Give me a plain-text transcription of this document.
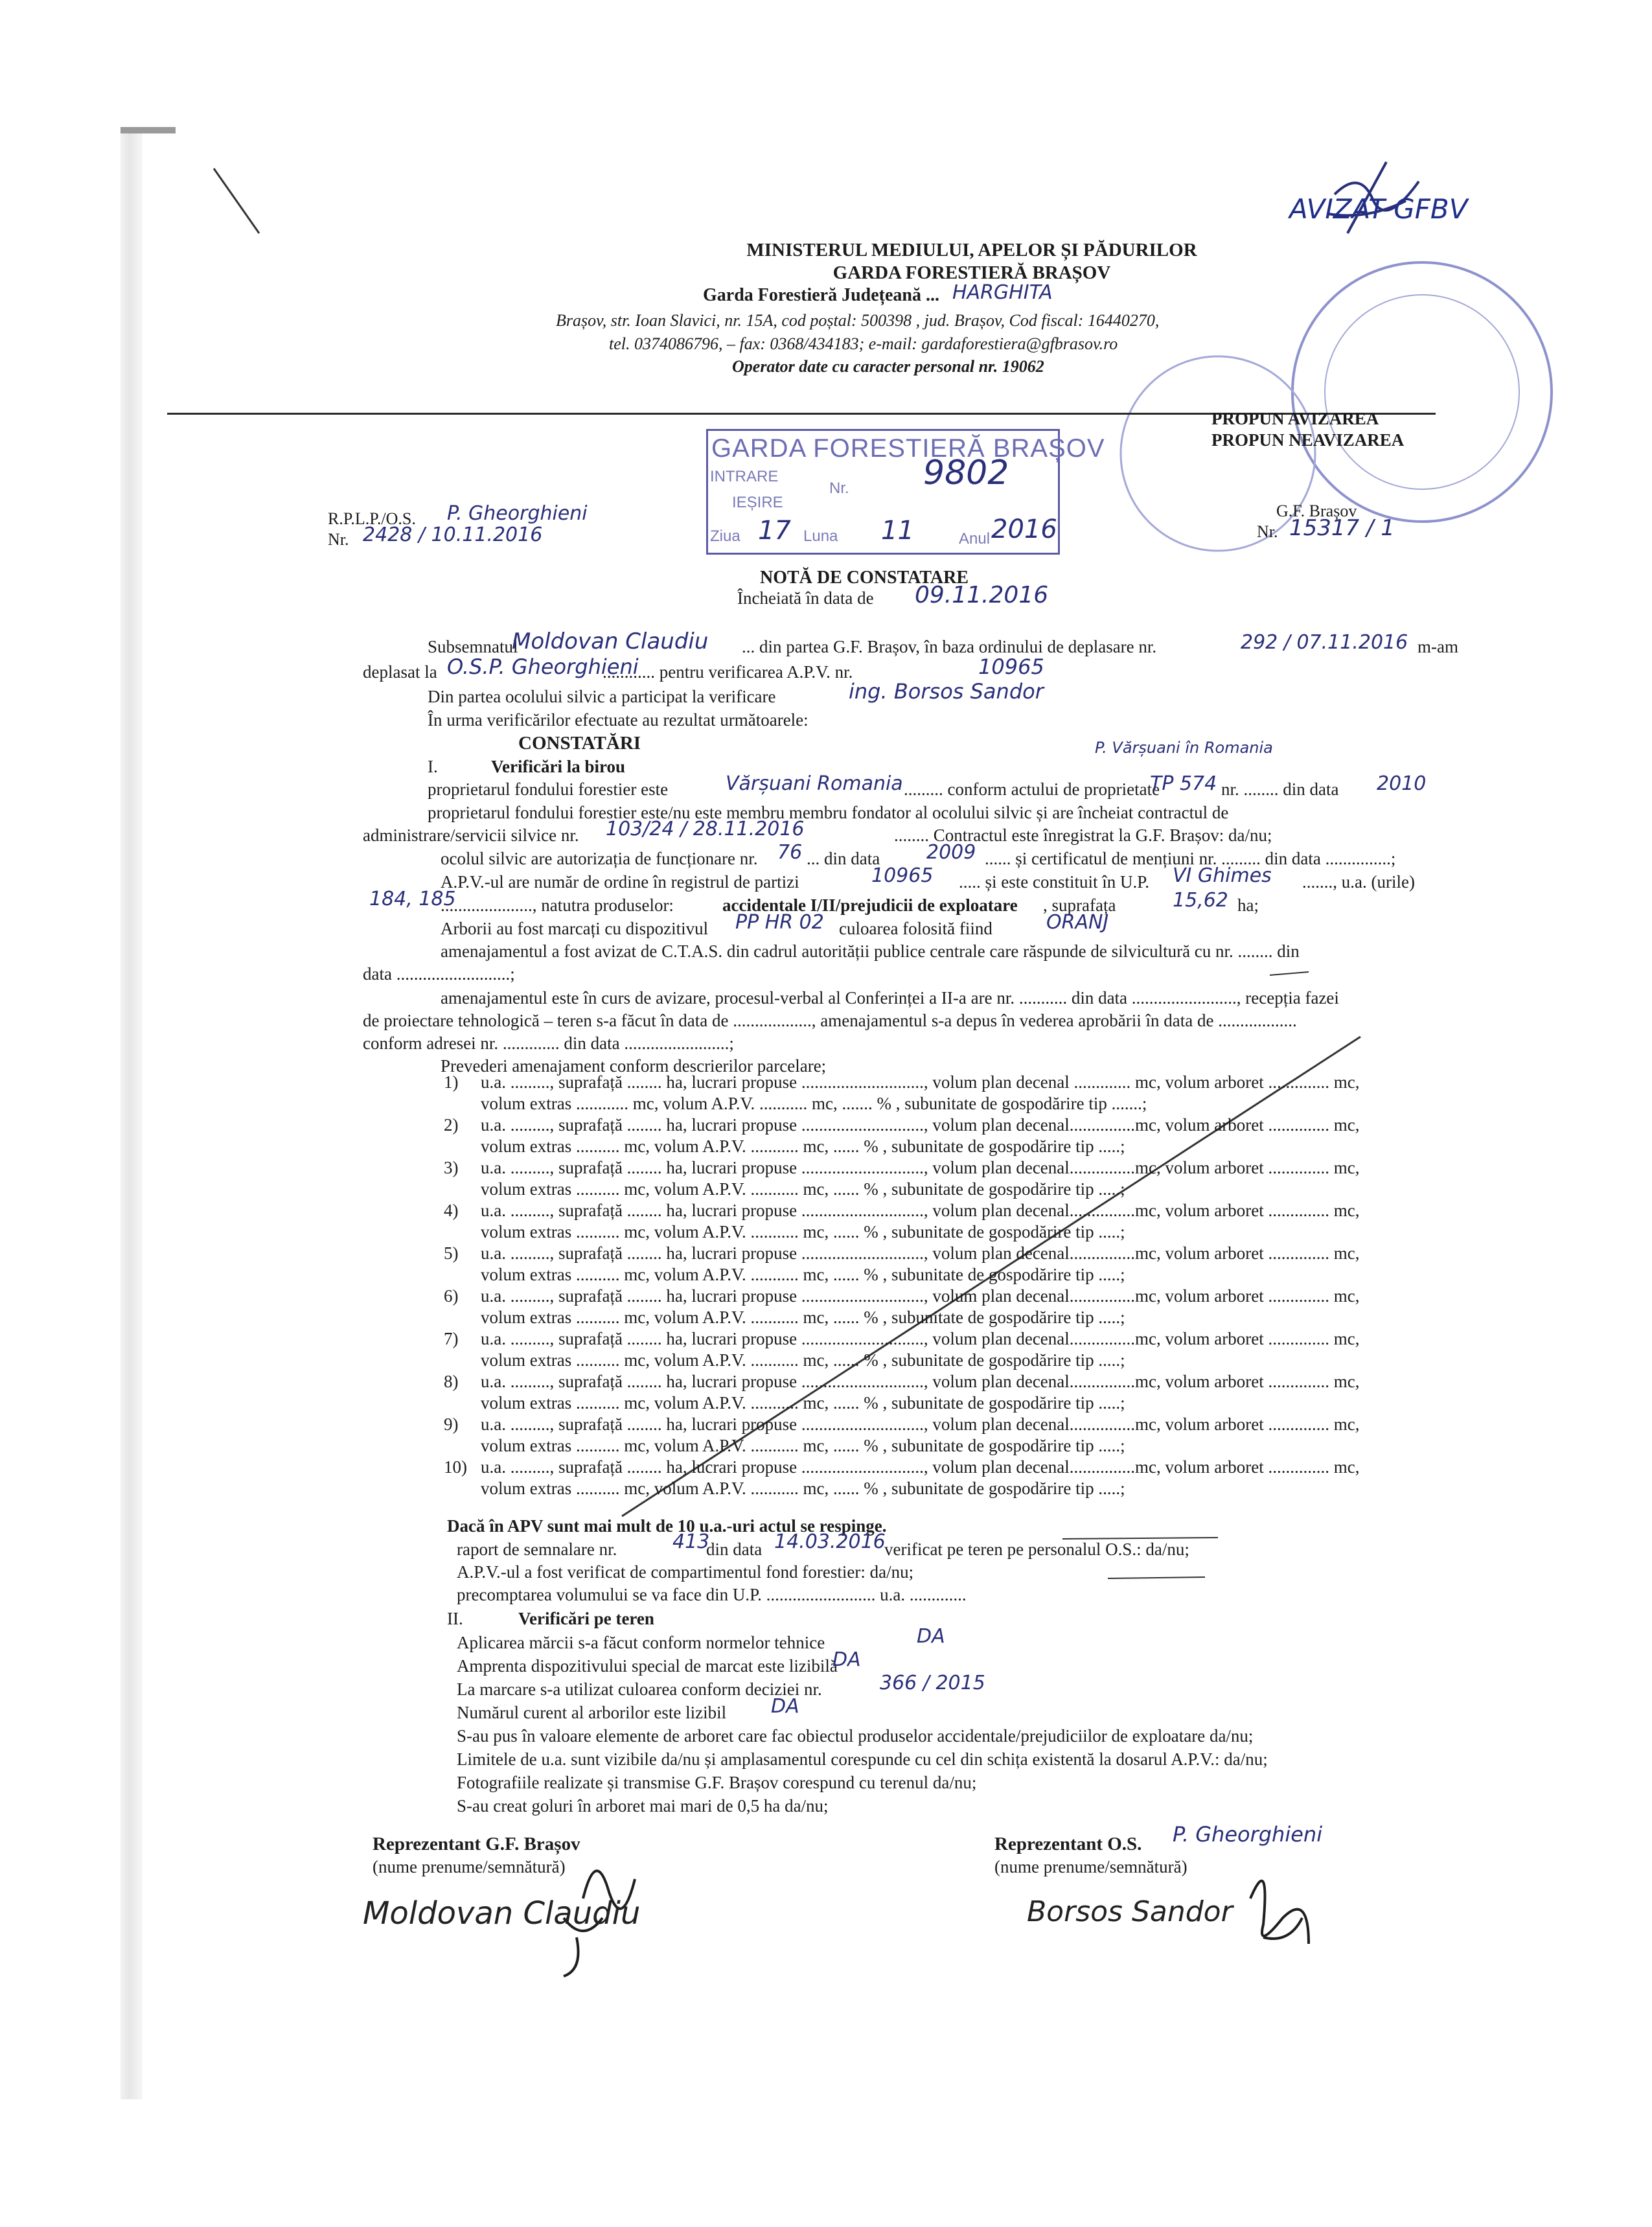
AVIZAT GFBV
MINISTERUL MEDIULUI, APELOR ȘI PĂDURILOR
GARDA FORESTIERĂ BRAȘOV
Garda Forestieră Județeană ... HARGHITA
Brașov, str. Ioan Slavici, nr. 15A, cod poștal: 500398 , jud. Brașov, Cod fiscal: 16440270,
tel. 0374086796, – fax: 0368/434183; e-mail: gardaforestiera@gfbrasov.ro
Operator date cu caracter personal nr. 19062
PROPUN AVIZAREA
PROPUN NEAVIZAREA
G.F. Brașov
Nr. 15317 / 1
GARDA FORESTIERĂ BRAȘOV
INTRARE
IEȘIRE
Nr. 9802
Ziua 17 Luna 11	Anul 2016
R.P.L.P./O.S. P. Gheorghieni
Nr. 2428 / 10.11.2016
NOTĂ DE CONSTATARE
Încheiată în data de 09.11.2016
Subsemnatul
Moldovan Claudiu ... din partea G.F. Brașov, în baza ordinului de deplasare nr.	292 / 07.11.2016 m-am
deplasat la O.S.P. Gheorghieni
............ pentru verificarea A.P.V. nr.	10965
Din partea ocolului silvic a participat la verificare	ing. Borsos Sandor
În urma verificărilor efectuate au rezultat următoarele:
CONSTATĂRI	P. Vărșuani în Romania
I.	Verificări la birou
proprietarul fondului forestier este	Vărșuani Romania ......... conform actului de proprietate
TP 574 nr. ........ din data 2010
proprietarul fondului forestier este/nu este membru membru fondator al ocolului silvic și are încheiat contractul de
administrare/servicii silvice nr. 103/24 / 28.11.2016	........ Contractul este înregistrat la G.F. Brașov: da/nu;
ocolul silvic are autorizația de funcționare nr. 76 ... din data 2009 ...... și certificatul de mențiuni nr. ......... din data ...............;
A.P.V.-ul are număr de ordine în registrul de partizi	10965 ..... și este constituit în U.P. VI Ghimes ......., u.a. (urile)
184, 185
....................., natutra produselor:	accidentale I/II/prejudicii de exploatare , suprafața	15,62 ha;
Arborii au fost marcați cu dispozitivul PP HR 02 culoarea folosită fiind	ORANJ
amenajamentul a fost avizat de C.T.A.S. din cadrul autorității publice centrale care răspunde de silvicultură cu nr. ........ din
data ..........................;
amenajamentul este în curs de avizare, procesul-verbal al Conferinței a II-a are nr. ........... din data ........................, recepția fazei
de proiectare tehnologică – teren s-a făcut în data de .................., amenajamentul s-a depus în vederea aprobării în data de ..................
conform adresei nr. ............. din data ........................;
Prevederi amenajament conform descrierilor parcelare;
1) u.a. ........., suprafață ........ ha, lucrari propuse ............................, volum plan decenal ............. mc, volum arboret .............. mc,
volum extras ............ mc, volum A.P.V. ........... mc, ....... % , subunitate de gospodărire tip .......;
2) u.a. ........., suprafață ........ ha, lucrari propuse ............................, volum plan decenal...............mc, volum arboret .............. mc,
volum extras .......... mc, volum A.P.V. ........... mc, ...... % , subunitate de gospodărire tip .....;
3) u.a. ........., suprafață ........ ha, lucrari propuse ............................, volum plan decenal...............mc, volum arboret .............. mc,
volum extras .......... mc, volum A.P.V. ........... mc, ...... % , subunitate de gospodărire tip .....;
4) u.a. ........., suprafață ........ ha, lucrari propuse ............................, volum plan decenal...............mc, volum arboret .............. mc,
volum extras .......... mc, volum A.P.V. ........... mc, ...... % , subunitate de gospodărire tip .....;
5) u.a. ........., suprafață ........ ha, lucrari propuse ............................, volum plan decenal...............mc, volum arboret .............. mc,
volum extras .......... mc, volum A.P.V. ........... mc, ...... % , subunitate de gospodărire tip .....;
6) u.a. ........., suprafață ........ ha, lucrari propuse ............................, volum plan decenal...............mc, volum arboret .............. mc,
volum extras .......... mc, volum A.P.V. ........... mc, ...... % , subunitate de gospodărire tip .....;
7) u.a. ........., suprafață ........ ha, lucrari propuse ............................, volum plan decenal...............mc, volum arboret .............. mc,
volum extras .......... mc, volum A.P.V. ........... mc, ...... % , subunitate de gospodărire tip .....;
8) u.a. ........., suprafață ........ ha, lucrari propuse ............................, volum plan decenal...............mc, volum arboret .............. mc,
volum extras .......... mc, volum A.P.V. ........... mc, ...... % , subunitate de gospodărire tip .....;
9) u.a. ........., suprafață ........ ha, lucrari propuse ............................, volum plan decenal...............mc, volum arboret .............. mc,
volum extras .......... mc, volum A.P.V. ........... mc, ...... % , subunitate de gospodărire tip .....;
10) u.a. ........., suprafață ........ ha, lucrari propuse ............................, volum plan decenal...............mc, volum arboret .............. mc,
volum extras .......... mc, volum A.P.V. ........... mc, ...... % , subunitate de gospodărire tip .....;
Dacă în APV sunt mai mult de 10 u.a.-uri actul se respinge.
raport de semnalare nr.	413
din data 14.03.2016
verificat pe teren pe personalul O.S.: da/nu;
A.P.V.-ul a fost verificat de compartimentul fond forestier: da/nu;
precomptarea volumului se va face din U.P. ......................... u.a. .............
II.	Verificări pe teren
Aplicarea mărcii s-a făcut conform normelor tehnice	DA
Amprenta dispozitivului special de marcat este lizibilă
DA
La marcare s-a utilizat culoarea conform deciziei nr.	366 / 2015
Numărul curent al arborilor este lizibil DA
S-au pus în valoare elemente de arboret care fac obiectul produselor accidentale/prejudiciilor de exploatare da/nu;
Limitele de u.a. sunt vizibile da/nu și amplasamentul corespunde cu cel din schița existentă la dosarul A.P.V.: da/nu;
Fotografiile realizate și transmise G.F. Brașov corespund cu terenul da/nu;
S-au creat goluri în arboret mai mari de 0,5 ha da/nu;
Reprezentant G.F. Brașov
(nume prenume/semnătură)
Moldovan Claudiu
Reprezentant O.S. P. Gheorghieni
(nume prenume/semnătură)
Borsos Sandor
